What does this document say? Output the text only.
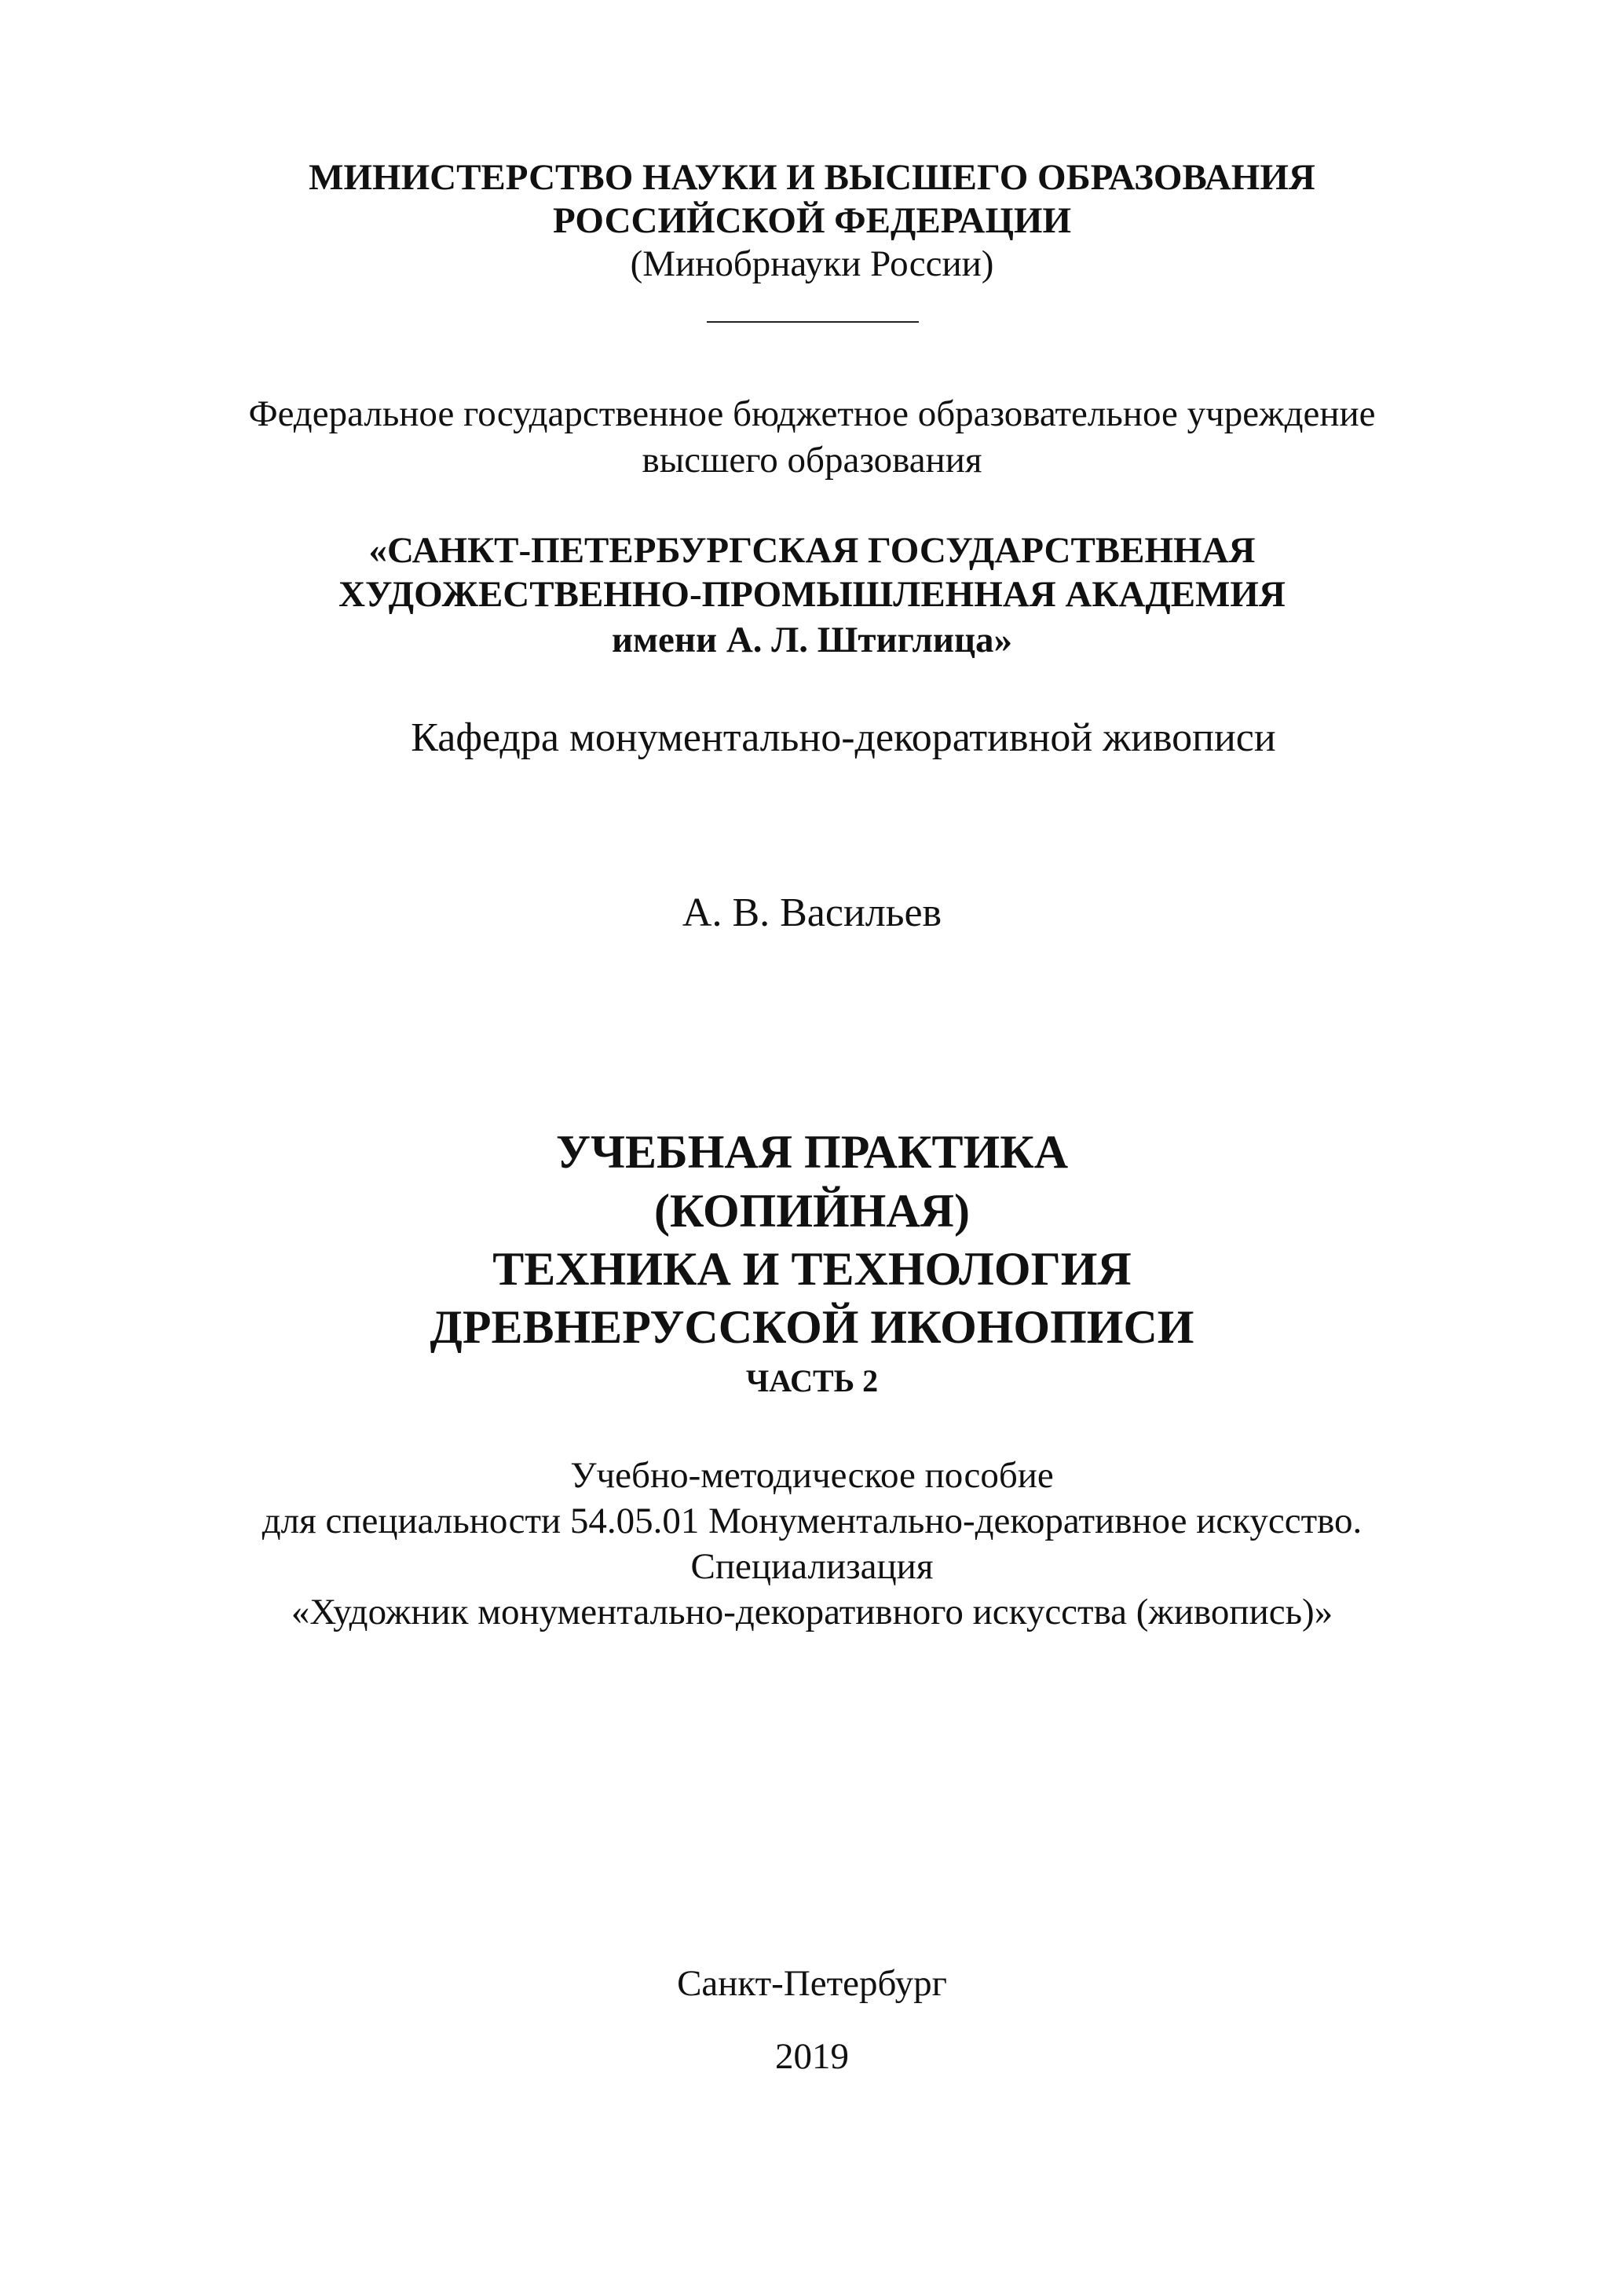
МИНИСТЕРСТВО НАУКИ И ВЫСШЕГО ОБРАЗОВАНИЯ
РОССИЙСКОЙ ФЕДЕРАЦИИ
(Минобрнауки России)
Федеральное государственное бюджетное образовательное учреждение
высшего образования
«САНКТ-ПЕТЕРБУРГСКАЯ ГОСУДАРСТВЕННАЯ
ХУДОЖЕСТВЕННО-ПРОМЫШЛЕННАЯ АКАДЕМИЯ
имени А. Л. Штиглица»
Кафедра монументально-декоративной живописи
А. В. Васильев
УЧЕБНАЯ ПРАКТИКА
(КОПИЙНАЯ)
ТЕХНИКА И ТЕХНОЛОГИЯ
ДРЕВНЕРУССКОЙ ИКОНОПИСИ
ЧАСТЬ 2
Учебно-методическое пособие
для специальности 54.05.01 Монументально-декоративное искусство.
Специализация
«Художник монументально-декоративного искусства (живопись)»
Санкт-Петербург
2019
